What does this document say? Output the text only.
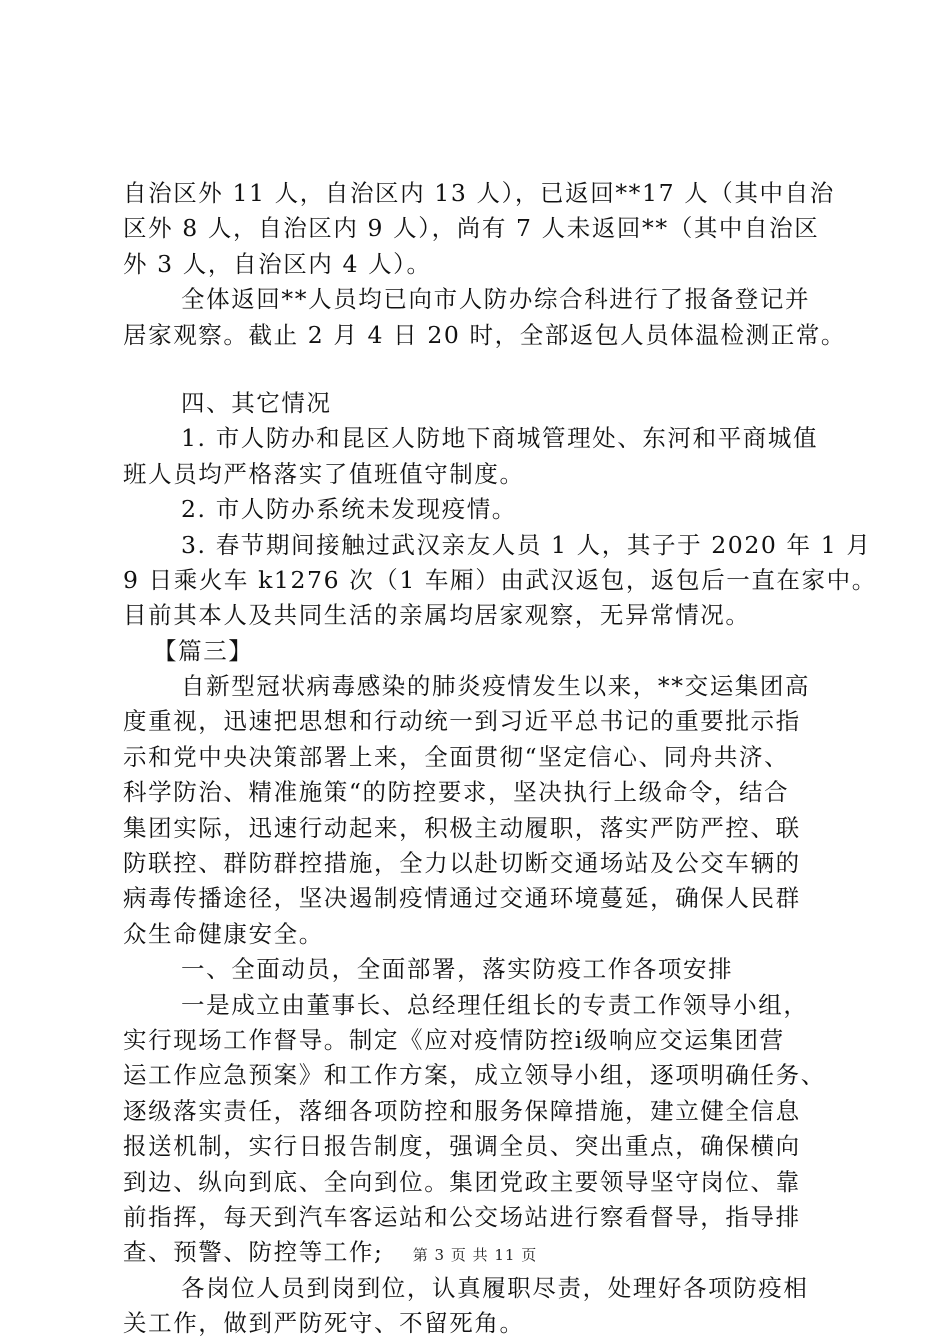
自治区外 11 人，自治区内 13 人），已返回**17 人（其中自治
区外 8 人，自治区内 9 人），尚有 7 人未返回**（其中自治区
外 3 人，自治区内 4 人）。
全体返回**人员均已向市人防办综合科进行了报备登记并
居家观察。截止 2 月 4 日 20 时，全部返包人员体温检测正常。
四、其它情况
1. 市人防办和昆区人防地下商城管理处、东河和平商城值
班人员均严格落实了值班值守制度。
2. 市人防办系统未发现疫情。
3. 春节期间接触过武汉亲友人员 1 人，其子于 2020 年 1 月
9 日乘火车 k1276 次（1 车厢）由武汉返包，返包后一直在家中。
目前其本人及共同生活的亲属均居家观察，无异常情况。
【篇三】
自新型冠状病毒感染的肺炎疫情发生以来，**交运集团高
度重视，迅速把思想和行动统一到习近平总书记的重要批示指
示和党中央决策部署上来，全面贯彻“坚定信心、同舟共济、
科学防治、精准施策“的防控要求，坚决执行上级命令，结合
集团实际，迅速行动起来，积极主动履职，落实严防严控、联
防联控、群防群控措施，全力以赴切断交通场站及公交车辆的
病毒传播途径，坚决遏制疫情通过交通环境蔓延，确保人民群
众生命健康安全。
一、全面动员，全面部署，落实防疫工作各项安排
一是成立由董事长、总经理任组长的专责工作领导小组，
实行现场工作督导。制定《应对疫情防控ⅰ级响应交运集团营
运工作应急预案》和工作方案，成立领导小组，逐项明确任务、
逐级落实责任，落细各项防控和服务保障措施，建立健全信息
报送机制，实行日报告制度，强调全员、突出重点，确保横向
到边、纵向到底、全向到位。集团党政主要领导坚守岗位、靠
前指挥，每天到汽车客运站和公交场站进行察看督导，指导排
查、预警、防控等工作;
各岗位人员到岗到位，认真履职尽责，处理好各项防疫相
关工作，做到严防死守、不留死角。
第 3 页 共 11 页
